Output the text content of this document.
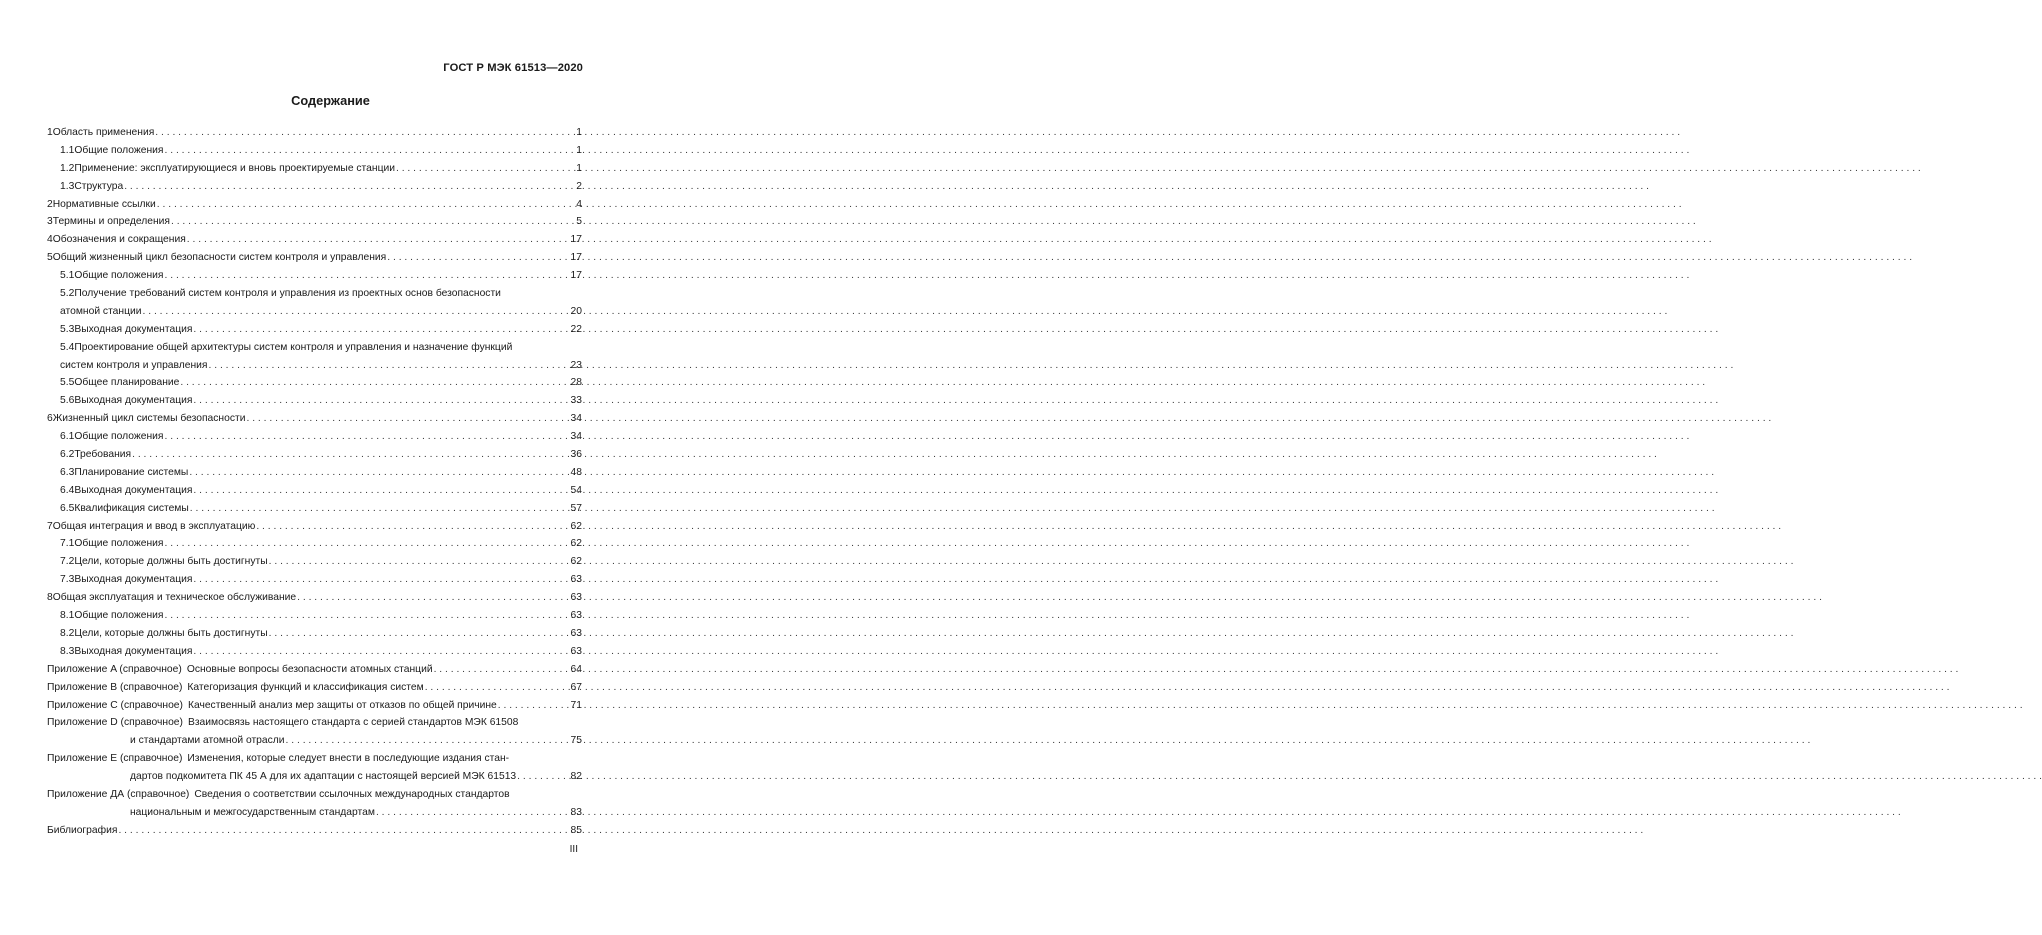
ГОСТ Р МЭК 61513—2020
Содержание
1 Область применения . . .	1
1.1 Общие положения . . .	1
1.2 Применение: эксплуатирующиеся и вновь проектируемые станции . . .	1
1.3 Структура . . .	2
2 Нормативные ссылки . . .	4
3 Термины и определения . . .	5
4 Обозначения и сокращения . . .	17
5 Общий жизненный цикл безопасности систем контроля и управления . . .	17
5.1 Общие положения . . .	17
5.2Получение требований систем контроля и управления из проектных основ безопасности
атомной станции . . .	20
5.3 Выходная документация . . .	22
5.4Проектирование общей архитектуры систем контроля и управления и назначение функций
систем контроля и управления . . .	23
5.5 Общее планирование . . .	28
5.6 Выходная документация . . .	33
6 Жизненный цикл системы безопасности . . .	34
6.1 Общие положения . . .	34
6.2 Требования . . .	36
6.3 Планирование системы . . .	48
6.4 Выходная документация . . .	54
6.5 Квалификация системы . . .	57
7 Общая интеграция и ввод в эксплуатацию . . .	62
7.1 Общие положения . . .	62
7.2 Цели, которые должны быть достигнуты . . .	62
7.3 Выходная документация . . .	63
8 Общая эксплуатация и техническое обслуживание . . .	63
8.1 Общие положения . . .	63
8.2 Цели, которые должны быть достигнуты . . .	63
8.3 Выходная документация . . .	63
Приложение A (справочное) Основные вопросы безопасности атомных станций . . .	64
Приложение B (справочное) Категоризация функций и классификация систем . . .	67
Приложение C (справочное) Качественный анализ мер защиты от отказов по общей причине . . .	71
Приложение D (справочное) Взаимосвязь настоящего стандарта с серией стандартов МЭК 61508
и стандартами атомной отрасли . . .	75
Приложение E (справочное) Изменения, которые следует внести в последующие издания стан-
дартов подкомитета ПК 45 А для их адаптации с настоящей версией МЭК 61513 . . .	82
Приложение ДА (справочное) Сведения о соответствии ссылочных международных стандартов
национальным и межгосударственным стандартам . . .	83
Библиография . . .	85
III
